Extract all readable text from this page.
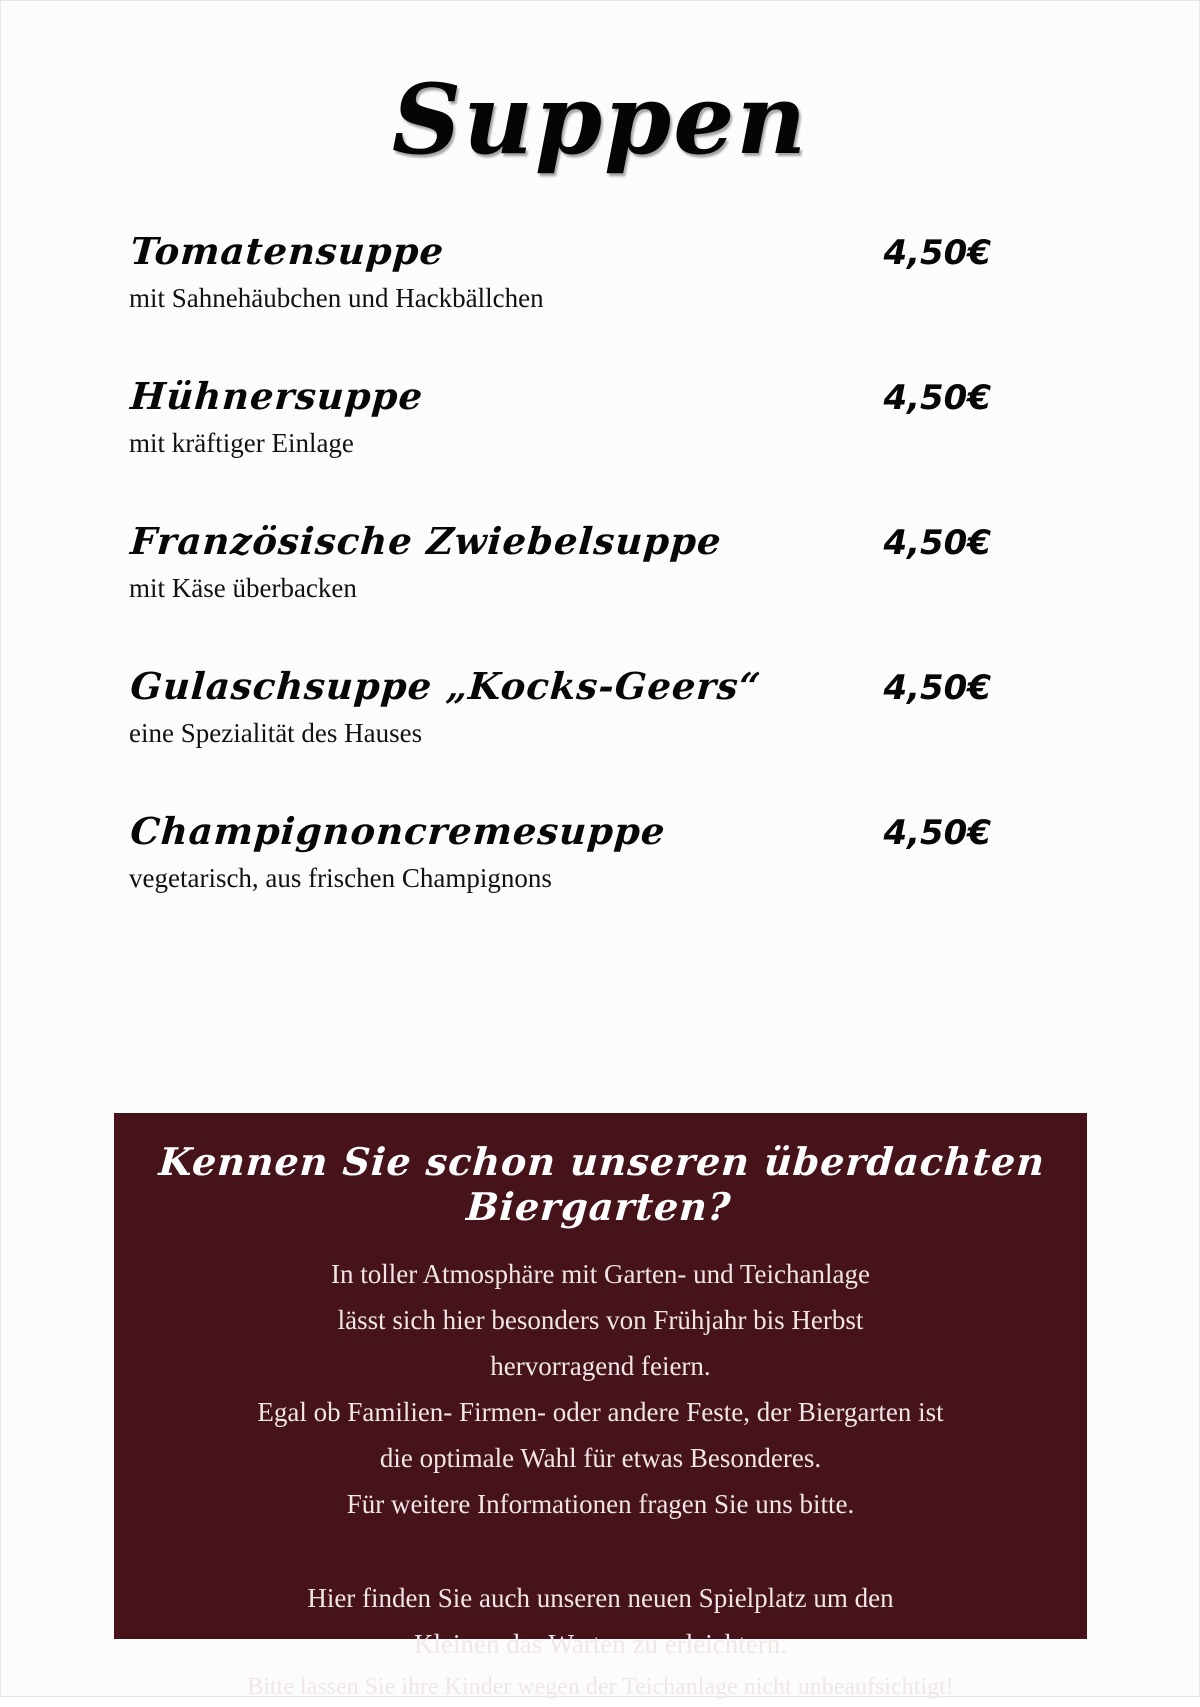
Suppen
Tomatensuppe	4,50€
mit Sahnehäubchen und Hackbällchen
Hühnersuppe	4,50€
mit kräftiger Einlage
Französische Zwiebelsuppe	4,50€
mit Käse überbacken
Gulaschsuppe „Kocks-Geers“	4,50€
eine Spezialität des Hauses
Champignoncremesuppe	4,50€
vegetarisch, aus frischen Champignons
Kennen Sie schon unseren überdachten Biergarten?
In toller Atmosphäre mit Garten- und Teichanlage
lässt sich hier besonders von Frühjahr bis Herbst
hervorragend feiern.
Egal ob Familien- Firmen- oder andere Feste, der Biergarten ist
die optimale Wahl für etwas Besonderes.
Für weitere Informationen fragen Sie uns bitte.
Hier finden Sie auch unseren neuen Spielplatz um den
Kleinen das Warten zu erleichtern.
Bitte lassen Sie ihre Kinder wegen der Teichanlage nicht unbeaufsichtigt!
